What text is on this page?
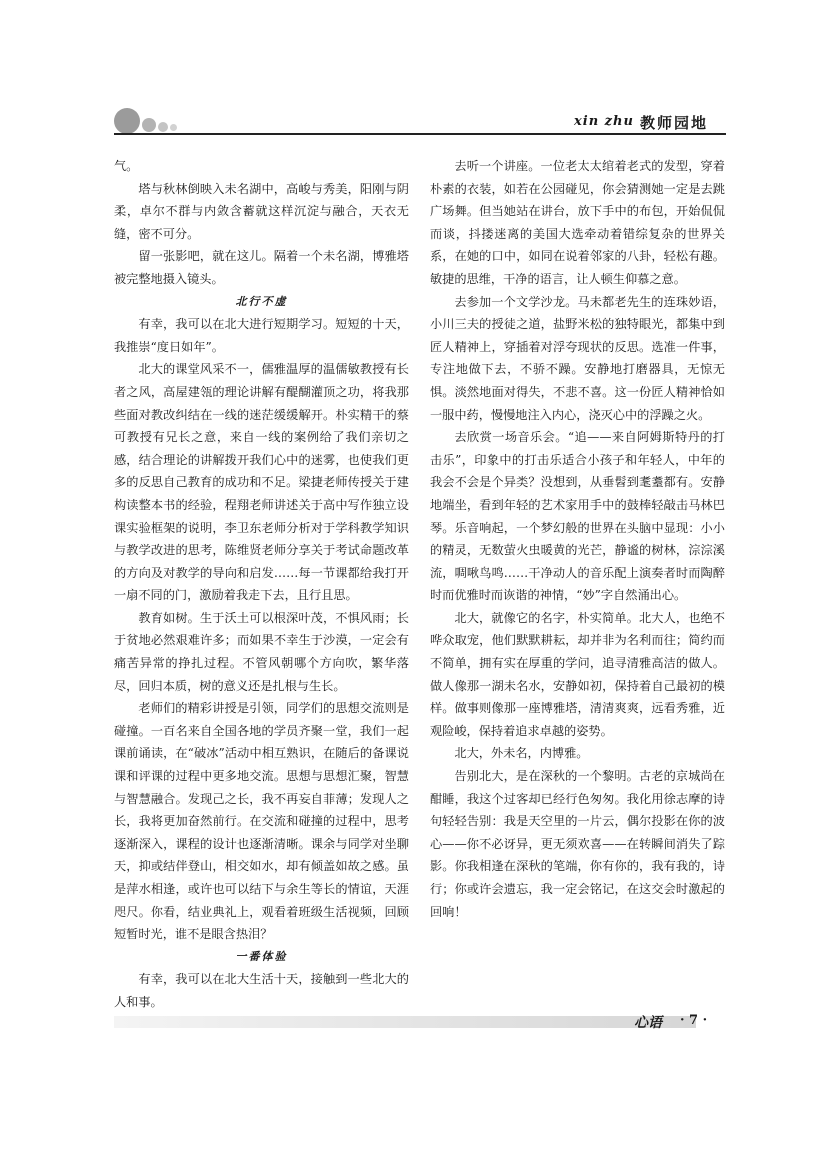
xin zhu 教师园地

气。

塔与秋林倒映入未名湖中，高峻与秀美，阳刚与阴柔，卓尔不群与内敛含蓄就这样沉淀与融合，天衣无缝，密不可分。

留一张影吧，就在这儿。隔着一个未名湖，博雅塔被完整地摄入镜头。

北行不虚

有幸，我可以在北大进行短期学习。短短的十天，我推崇“度日如年”。

北大的课堂风采不一，儒雅温厚的温儒敏教授有长者之风，高屋建瓴的理论讲解有醍醐灌顶之功，将我那些面对教改纠结在一线的迷茫缓缓解开。朴实精干的蔡可教授有兄长之意，来自一线的案例给了我们亲切之感，结合理论的讲解拨开我们心中的迷雾，也使我们更多的反思自己教育的成功和不足。梁捷老师传授关于建构读整本书的经验，程翔老师讲述关于高中写作独立设课实验框架的说明，李卫东老师分析对于学科教学知识与教学改进的思考，陈维贤老师分享关于考试命题改革的方向及对教学的导向和启发……每一节课都给我打开一扇不同的门，激励着我走下去，且行且思。

教育如树。生于沃土可以根深叶茂，不惧风雨；长于贫地必然艰难许多；而如果不幸生于沙漠，一定会有痛苦异常的挣扎过程。不管风朝哪个方向吹，繁华落尽，回归本质，树的意义还是扎根与生长。

老师们的精彩讲授是引领，同学们的思想交流则是碰撞。一百名来自全国各地的学员齐聚一堂，我们一起课前诵读，在“破冰”活动中相互熟识，在随后的备课说课和评课的过程中更多地交流。思想与思想汇聚，智慧与智慧融合。发现己之长，我不再妄自菲薄；发现人之长，我将更加奋然前行。在交流和碰撞的过程中，思考逐渐深入，课程的设计也逐渐清晰。课余与同学对坐聊天，抑或结伴登山，相交如水，却有倾盖如故之感。虽是萍水相逢，或许也可以结下与余生等长的情谊，天涯咫尺。你看，结业典礼上，观看着班级生活视频，回顾短暂时光，谁不是眼含热泪？

一番体验

有幸，我可以在北大生活十天，接触到一些北大的人和事。

去听一个讲座。一位老太太绾着老式的发型，穿着朴素的衣装，如若在公园碰见，你会猜测她一定是去跳广场舞。但当她站在讲台，放下手中的布包，开始侃侃而谈，抖搂迷离的美国大选牵动着错综复杂的世界关系，在她的口中，如同在说着邻家的八卦，轻松有趣。敏捷的思维，干净的语言，让人顿生仰慕之意。

去参加一个文学沙龙。马未都老先生的连珠妙语，小川三夫的授徒之道，盐野米松的独特眼光，都集中到匠人精神上，穿插着对浮夸现状的反思。选准一件事，专注地做下去，不骄不躁。安静地打磨器具，无惊无惧。淡然地面对得失，不悲不喜。这一份匠人精神恰如一服中药，慢慢地注入内心，浇灭心中的浮躁之火。

去欣赏一场音乐会。“追——来自阿姆斯特丹的打击乐”，印象中的打击乐适合小孩子和年轻人，中年的我会不会是个异类？没想到，从垂髫到耄耋都有。安静地端坐，看到年轻的艺术家用手中的鼓棒轻敲击马林巴琴。乐音响起，一个梦幻般的世界在头脑中显现：小小的精灵，无数萤火虫暖黄的光芒，静谧的树林，淙淙溪流，啁啾鸟鸣……干净动人的音乐配上演奏者时而陶醉时而优雅时而诙谐的神情，“妙”字自然涌出心。

北大，就像它的名字，朴实简单。北大人，也绝不哗众取宠，他们默默耕耘，却并非为名利而往；简约而不简单，拥有实在厚重的学问，追寻清雅高洁的做人。做人像那一湖未名水，安静如初，保持着自己最初的模样。做事则像那一座博雅塔，清清爽爽，远看秀雅，近观险峻，保持着追求卓越的姿势。

北大，外未名，内博雅。

告别北大，是在深秋的一个黎明。古老的京城尚在酣睡，我这个过客却已经行色匆匆。我化用徐志摩的诗句轻轻告别：我是天空里的一片云，偶尔投影在你的波心——你不必讶异，更无须欢喜——在转瞬间消失了踪影。你我相逢在深秋的笔端，你有你的，我有我的，诗行；你或许会遗忘，我一定会铭记，在这交会时激起的回响！

心语 · 7 ·
